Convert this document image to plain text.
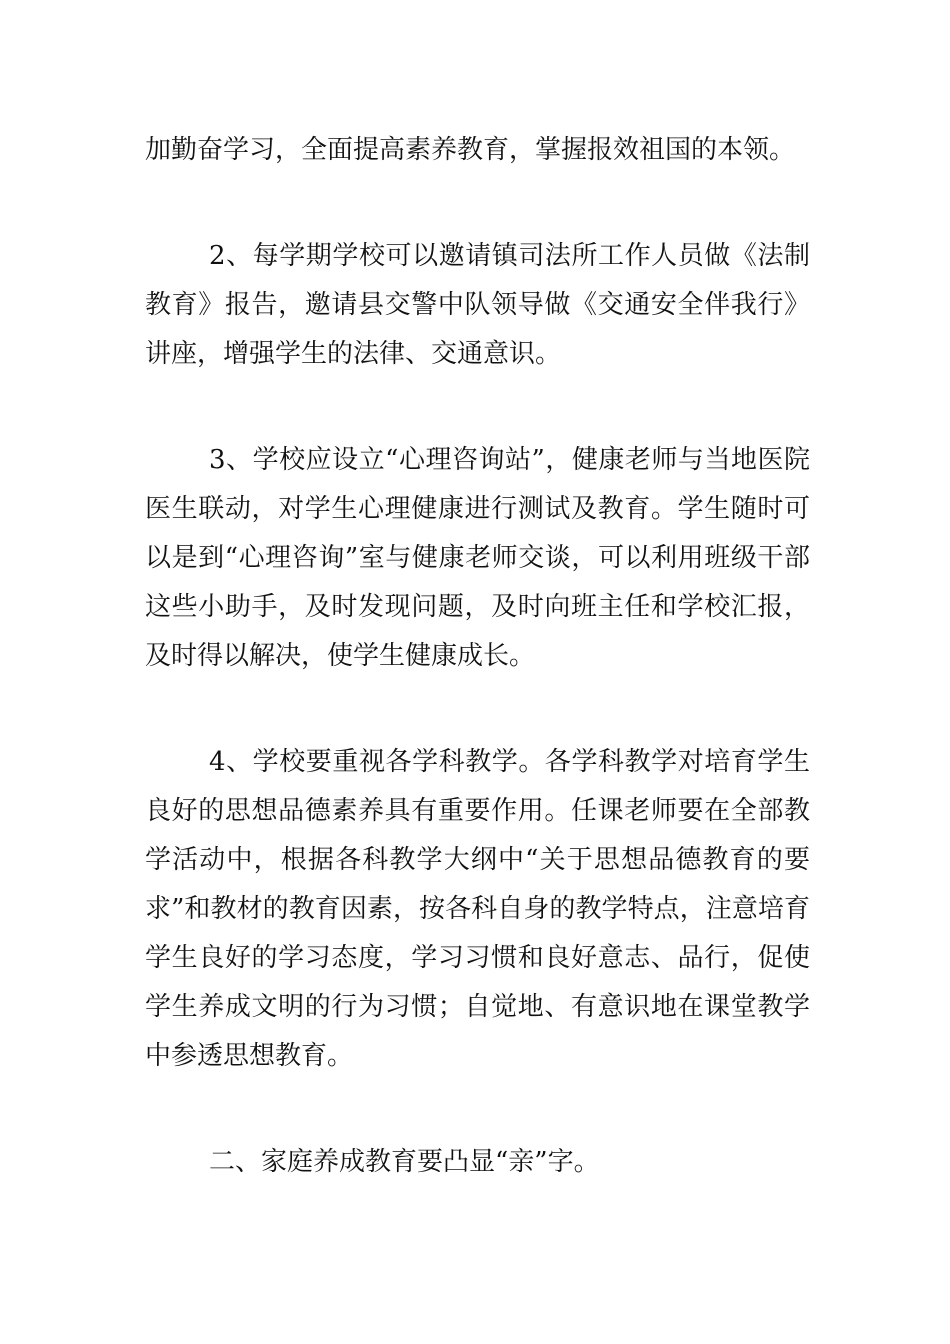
加勤奋学习，全面提高素养教育，掌握报效祖国的本领。

2、每学期学校可以邀请镇司法所工作人员做《法制教育》报告，邀请县交警中队领导做《交通安全伴我行》讲座，增强学生的法律、交通意识。

3、学校应设立“心理咨询站”，健康老师与当地医院医生联动，对学生心理健康进行测试及教育。学生随时可以是到“心理咨询”室与健康老师交谈，可以利用班级干部这些小助手，及时发现问题，及时向班主任和学校汇报，及时得以解决，使学生健康成长。

4、学校要重视各学科教学。各学科教学对培育学生良好的思想品德素养具有重要作用。任课老师要在全部教学活动中，根据各科教学大纲中“关于思想品德教育的要求”和教材的教育因素，按各科自身的教学特点，注意培育学生良好的学习态度，学习习惯和良好意志、品行，促使学生养成文明的行为习惯；自觉地、有意识地在课堂教学中参透思想教育。

二、家庭养成教育要凸显“亲”字。
